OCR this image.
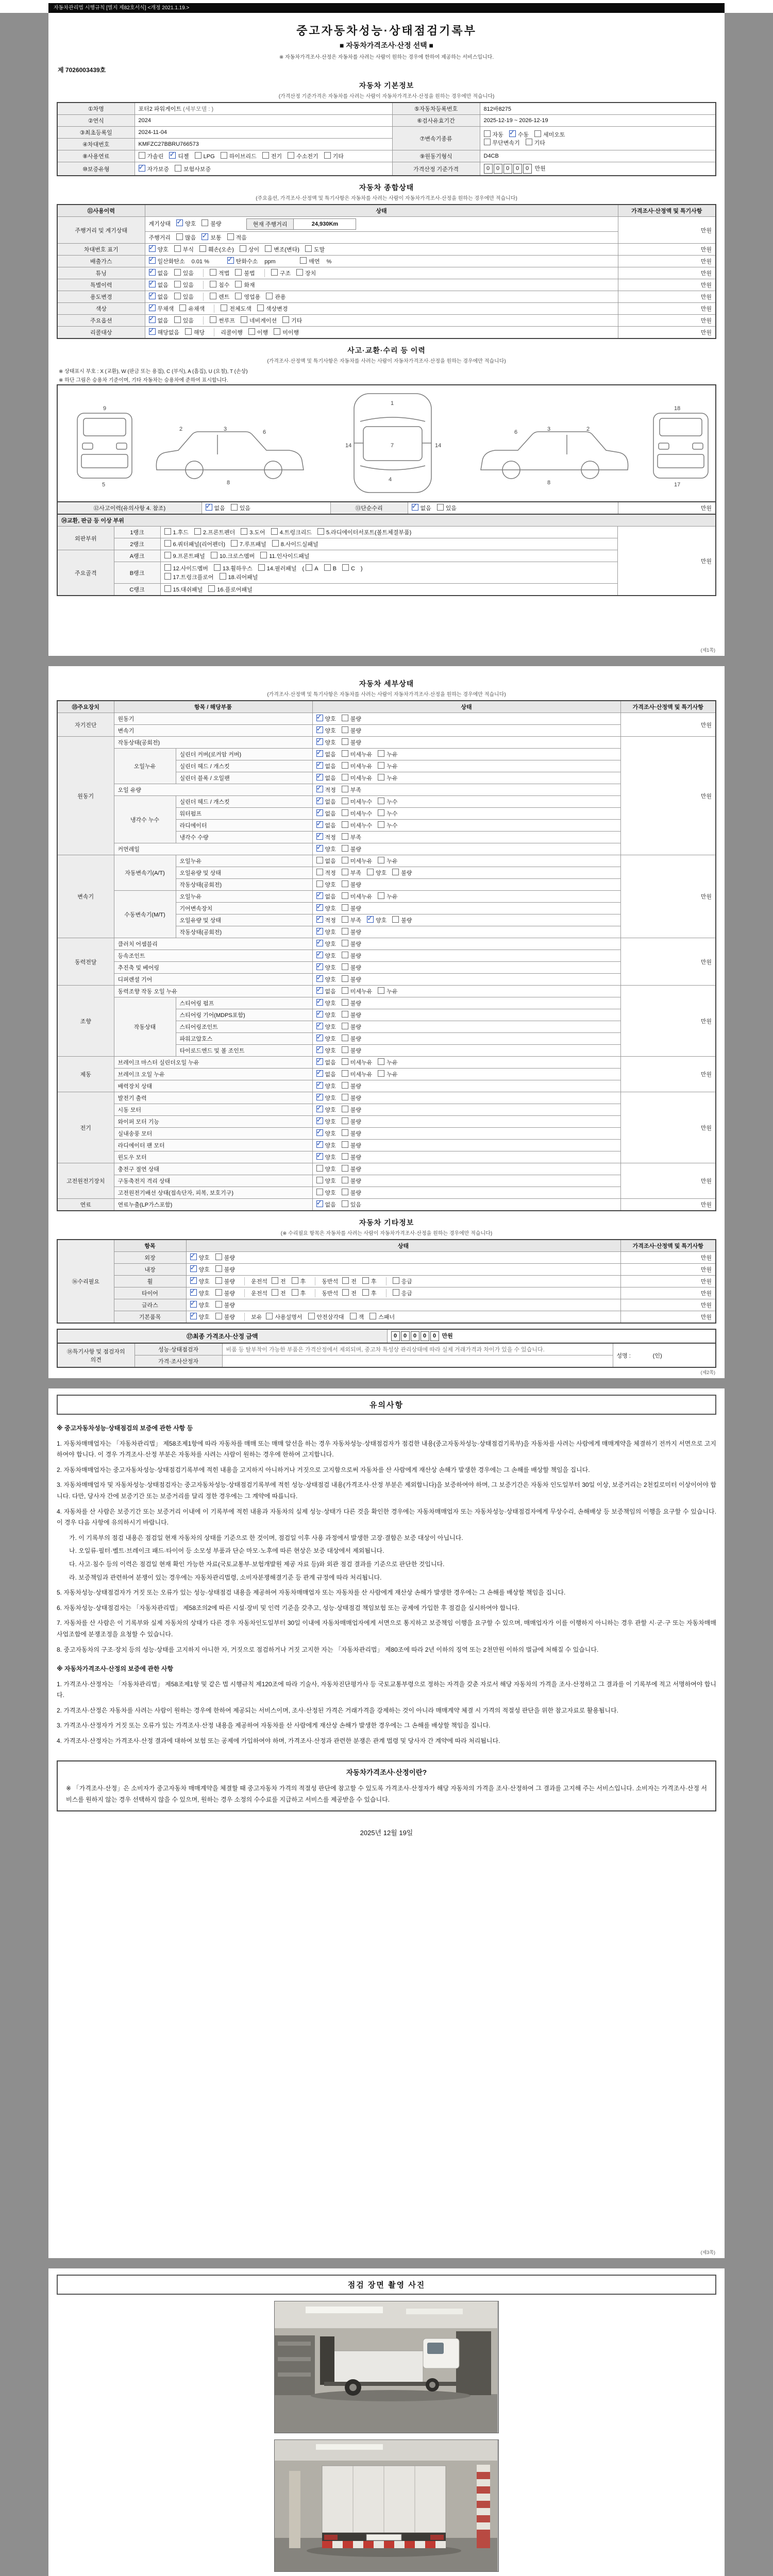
자동차관리법 시행규칙 [별지 제82호서식] <개정 2021.1.19.>
중고자동차성능·상태점검기록부
■ 자동차가격조사·산정 선택 ■
※ 자동차가격조사·산정은 자동차를 사려는 사람이 원하는 경우에 한하여 제공하는 서비스입니다.
제 7026003439호
자동차 기본정보
(가격산정 기준가격은 자동차를 사려는 사람이 자동차가격조사·산정을 원하는 경우에만 적습니다)
①차명	포터2 파워게이트 (세부모델 : )	⑤자동차등록번호	812바8275
②연식	2024	⑥검사유효기간	2025-12-19 ~ 2026-12-19
③최초등록일	2024-11-04	⑦변속기종류	자동 ✓ 수동 세미오토
무단변속기 기타

④차대번호	KMFZC27BBRU766573		
⑧사용연료	가솔린 ✓ 디젤 LPG 하이브리드 전기 수소전기 기타	⑨원동기형식	D4CB
⑩보증유형	✓자가보증	보험사보증	가격산정 기준가격	0	0	0	0	0	만원
자동차 종합상태
(주요옵션, 가격조사·산정액 및 특기사항은 자동차를 사려는 사람이 자동차가격조사·산정을 원하는 경우에만 적습니다)
⑪사용이력	상태	가격조사·산정액 및 특기사항
주행거리 및 계기상태	계기상태 ✓	양호	불량	현재 주행거리	24,930Km	만원
주행거리	많음 ✓	보통	적음
차대번호 표기	✓양호	부식	훼손(오손)	상이	변조(변타)	도말	만원
배출가스	✓일산화탄소 0.01 % ✓	탄화수소 ppm	매연 %	만원
튜닝	✓없음	있음	적법	불법	구조	장치	만원
특별이력	✓없음	있음	침수	화재	만원
용도변경	✓없음	있음	렌트	영업용	관용	만원
색상	✓무채색	유채색	전체도색	색상변경	만원
주요옵션	✓없음	있음	썬루프	네비게이션	기타	만원
리콜대상	✓해당없음	해당	리콜이행	이행	미이행	만원
사고·교환·수리 등 이력
(가격조사·산정액 및 특기사항은 자동차를 사려는 사람이 자동차가격조사·산정을 원하는 경우에만 적습니다)
※ 상태표시 부호 : X (교환), W (판금 또는 용접), C (부식), A (흠집), U (요철), T (손상)
※ 하단 그림은 승용차 기준이며, 기타 자동차는 승용차에 준하여 표시합니다.
9
5
2	3	6
8
1
7
4
14	14
3	2
6
8
18
17
⑫사고이력(유의사항 4. 참조)	✓없음	있음	⑬단순수리	✓없음	있음	만원
⑭교환, 판금 등 이상 부위			
외판부위	1랭크	1.후드 2.프론트펜더 3.도어 4.트렁크리드 5.라디에이터서포트(볼트체결부품)	만원
	2랭크	6.쿼터패널(리어펜더) 7.루프패널 8.사이드실패널	
주요골격	A랭크	9.프론트패널 10.크로스멤버 11.인사이드패널	
	B랭크	12.사이드멤버 13.휠하우스 14.필러패널 ( A B C )
17.트렁크플로어 18.리어패널	

	C랭크	15.대쉬패널 16.플로어패널	
(제1쪽)
자동차 세부상태
(가격조사·산정액 및 특기사항은 자동차를 사려는 사람이 자동차가격조사·산정을 원하는 경우에만 적습니다)
⑮주요장치	항목 / 해당부품		상태	가격조사·산정액 및 특기사항
자기진단	원동기	✓양호 불량	만원
	변속기	✓양호 불량
원동기	작동상태(공회전)	✓양호 불량	만원
	오일누유	실린더 커버(로커암 커버)	✓없음 미세누유 누유
		실린더 헤드 / 개스킷	✓없음 미세누유 누유
		실린더 블록 / 오일팬	✓없음 미세누유 누유
	오일 유량	✓적정 부족
	냉각수 누수	실린더 헤드 / 개스킷	✓없음 미세누수 누수
		워터펌프	✓없음 미세누수 누수
		라디에이터	✓없음 미세누수 누수
		냉각수 수량	✓적정 부족
	커먼레일	✓양호 불량
변속기	자동변속기(A/T)	오일누유	없음 미세누유 누유	만원
		오일유량 및 상태	적정 부족 양호 불량	
		작동상태(공회전)	양호 불량	
	수동변속기(M/T)	오일누유	✓없음 미세누유 누유
		기어변속장치	✓양호 불량
		오일유량 및 상태	✓적정 부족 ✓ 양호 불량
		작동상태(공회전)	✓양호 불량
동력전달	클러치 어셈블리	✓양호 불량	만원
	등속조인트	✓양호 불량
	추진축 및 베어링	✓양호 불량
	디퍼렌셜 기어	✓양호 불량
조향	동력조향 작동 오일 누유	✓없음 미세누유 누유	만원
	작동상태	스티어링 펌프	✓양호 불량
		스티어링 기어(MDPS포함)	✓양호 불량
		스티어링조인트	✓양호 불량
		파워고압호스	✓양호 불량
		타이로드엔드 및 볼 조인트	✓양호 불량
제동	브레이크 마스터 실린더오일 누유	✓없음 미세누유 누유	만원
	브레이크 오일 누유	✓없음 미세누유 누유
	배력장치 상태	✓양호 불량
전기	발전기 출력	✓양호 불량	만원
	시동 모터	✓양호 불량
	와이퍼 모터 기능	✓양호 불량
	실내송풍 모터	✓양호 불량
	라디에이터 팬 모터	✓양호 불량
	윈도우 모터	✓양호 불량
고전원전기장치	충전구 절연 상태		양호 불량	만원
	구동축전지 격리 상태		양호 불량	
	고전원전기배선 상태(접속단자, 피복, 보호기구)		양호 불량	
연료	연료누출(LP가스포함)	✓없음 있음	만원
자동차 기타정보
(※ 수리필요 항목은 자동차를 사려는 사람이 자동차가격조사·산정을 원하는 경우에만 적습니다)
⑯수리필요	항목	상태	가격조사·산정액 및 특기사항
	외장	✓양호 불량	만원
	내장	✓양호 불량	만원
	휠	✓양호 불량 운전석 전 후 동반석 전 후 응급	만원
	타이어	✓양호 불량 운전석 전 후 동반석 전 후 응급	만원
	글라스	✓양호 불량	만원
	기본품목	✓양호 불량 보유 사용설명서 안전삼각대 잭 스패너	만원
⑰최종 가격조사·산정 금액	0	0	0	0	0	만원
⑱특기사항 및 점검자의 의견	성능·상태점검자	비품 등 탈부착이 가능한 부품은 가격산정에서 제외되며, 중고차 특성상 관리상태에 따라 실제 거래가격과 차이가 있을 수 있습니다.	성명 :              (인)
	가격·조사산정자		
(제2쪽)
유의사항
※ 중고자동차성능·상태점검의 보증에 관한 사항 등
1. 자동차매매업자는 「자동차관리법」 제58조제1항에 따라 자동차를 매매 또는 매매 알선을 하는 경우 자동차성능·상태점검자가 점검한 내용(중고자동차성능·상태점검기록부)을 자동차를 사려는 사람에게 매매계약을 체결하기 전까지 서면으로 고지하여야 합니다. 이 경우 가격조사·산정 부분은 자동차를 사려는 사람이 원하는 경우에 한하여 고지합니다.
2. 자동차매매업자는 중고자동차성능·상태점검기록부에 적힌 내용을 고지하지 아니하거나 거짓으로 고지함으로써 자동차를 산 사람에게 재산상 손해가 발생한 경우에는 그 손해를 배상할 책임을 집니다.
3. 자동차매매업자 및 자동차성능·상태점검자는 중고자동차성능·상태점검기록부에 적힌 성능·상태점검 내용(가격조사·산정 부분은 제외합니다)을 보증하여야 하며, 그 보증기간은 자동차 인도일부터 30일 이상, 보증거리는 2천킬로미터 이상이어야 합니다. 다만, 당사자 간에 보증기간 또는 보증거리를 달리 정한 경우에는 그 계약에 따릅니다.
4. 자동차를 산 사람은 보증기간 또는 보증거리 이내에 이 기록부에 적힌 내용과 자동차의 실제 성능·상태가 다른 것을 확인한 경우에는 자동차매매업자 또는 자동차성능·상태점검자에게 무상수리, 손해배상 등 보증책임의 이행을 요구할 수 있습니다. 이 경우 다음 사항에 유의하시기 바랍니다.
가. 이 기록부의 점검 내용은 점검일 현재 자동차의 상태를 기준으로 한 것이며, 점검일 이후 사용 과정에서 발생한 고장·결함은 보증 대상이 아닙니다.
나. 오일류·필터·벨트·브레이크 패드·타이어 등 소모성 부품과 단순 마모·노후에 따른 현상은 보증 대상에서 제외됩니다.
다. 사고·침수 등의 이력은 점검일 현재 확인 가능한 자료(국토교통부·보험개발원 제공 자료 등)와 외관 점검 결과를 기준으로 판단한 것입니다.
라. 보증책임과 관련하여 분쟁이 있는 경우에는 자동차관리법령, 소비자분쟁해결기준 등 관계 규정에 따라 처리됩니다.
5. 자동차성능·상태점검자가 거짓 또는 오류가 있는 성능·상태점검 내용을 제공하여 자동차매매업자 또는 자동차를 산 사람에게 재산상 손해가 발생한 경우에는 그 손해를 배상할 책임을 집니다.
6. 자동차성능·상태점검자는 「자동차관리법」 제58조의2에 따른 시설·장비 및 인력 기준을 갖추고, 성능·상태점검 책임보험 또는 공제에 가입한 후 점검을 실시하여야 합니다.
7. 자동차를 산 사람은 이 기록부와 실제 자동차의 상태가 다른 경우 자동차인도일부터 30일 이내에 자동차매매업자에게 서면으로 통지하고 보증책임 이행을 요구할 수 있으며, 매매업자가 이를 이행하지 아니하는 경우 관할 시·군·구 또는 자동차매매사업조합에 분쟁조정을 요청할 수 있습니다.
8. 중고자동차의 구조·장치 등의 성능·상태를 고지하지 아니한 자, 거짓으로 점검하거나 거짓 고지한 자는 「자동차관리법」 제80조에 따라 2년 이하의 징역 또는 2천만원 이하의 벌금에 처해질 수 있습니다.
※ 자동차가격조사·산정의 보증에 관한 사항
1. 가격조사·산정자는 「자동차관리법」 제58조제1항 및 같은 법 시행규칙 제120조에 따라 기술사, 자동차진단평가사 등 국토교통부령으로 정하는 자격을 갖춘 자로서 해당 자동차의 가격을 조사·산정하고 그 결과를 이 기록부에 적고 서명하여야 합니다.
2. 가격조사·산정은 자동차를 사려는 사람이 원하는 경우에 한하여 제공되는 서비스이며, 조사·산정된 가격은 거래가격을 강제하는 것이 아니라 매매계약 체결 시 가격의 적절성 판단을 위한 참고자료로 활용됩니다.
3. 가격조사·산정자가 거짓 또는 오류가 있는 가격조사·산정 내용을 제공하여 자동차를 산 사람에게 재산상 손해가 발생한 경우에는 그 손해를 배상할 책임을 집니다.
4. 가격조사·산정자는 가격조사·산정 결과에 대하여 보험 또는 공제에 가입하여야 하며, 가격조사·산정과 관련한 분쟁은 관계 법령 및 당사자 간 계약에 따라 처리됩니다.
자동차가격조사·산정이란?
※ 「가격조사·산정」은 소비자가 중고자동차 매매계약을 체결할 때 중고자동차 가격의 적절성 판단에 참고할 수 있도록 가격조사·산정자가 해당 자동차의 가격을 조사·산정하여 그 결과를 고지해 주는 서비스입니다. 소비자는 가격조사·산정 서비스를 원하지 않는 경우 선택하지 않을 수 있으며, 원하는 경우 소정의 수수료를 지급하고 서비스를 제공받을 수 있습니다.
2025년 12월 19일
(제3쪽)
점검 장면 촬영 사진
